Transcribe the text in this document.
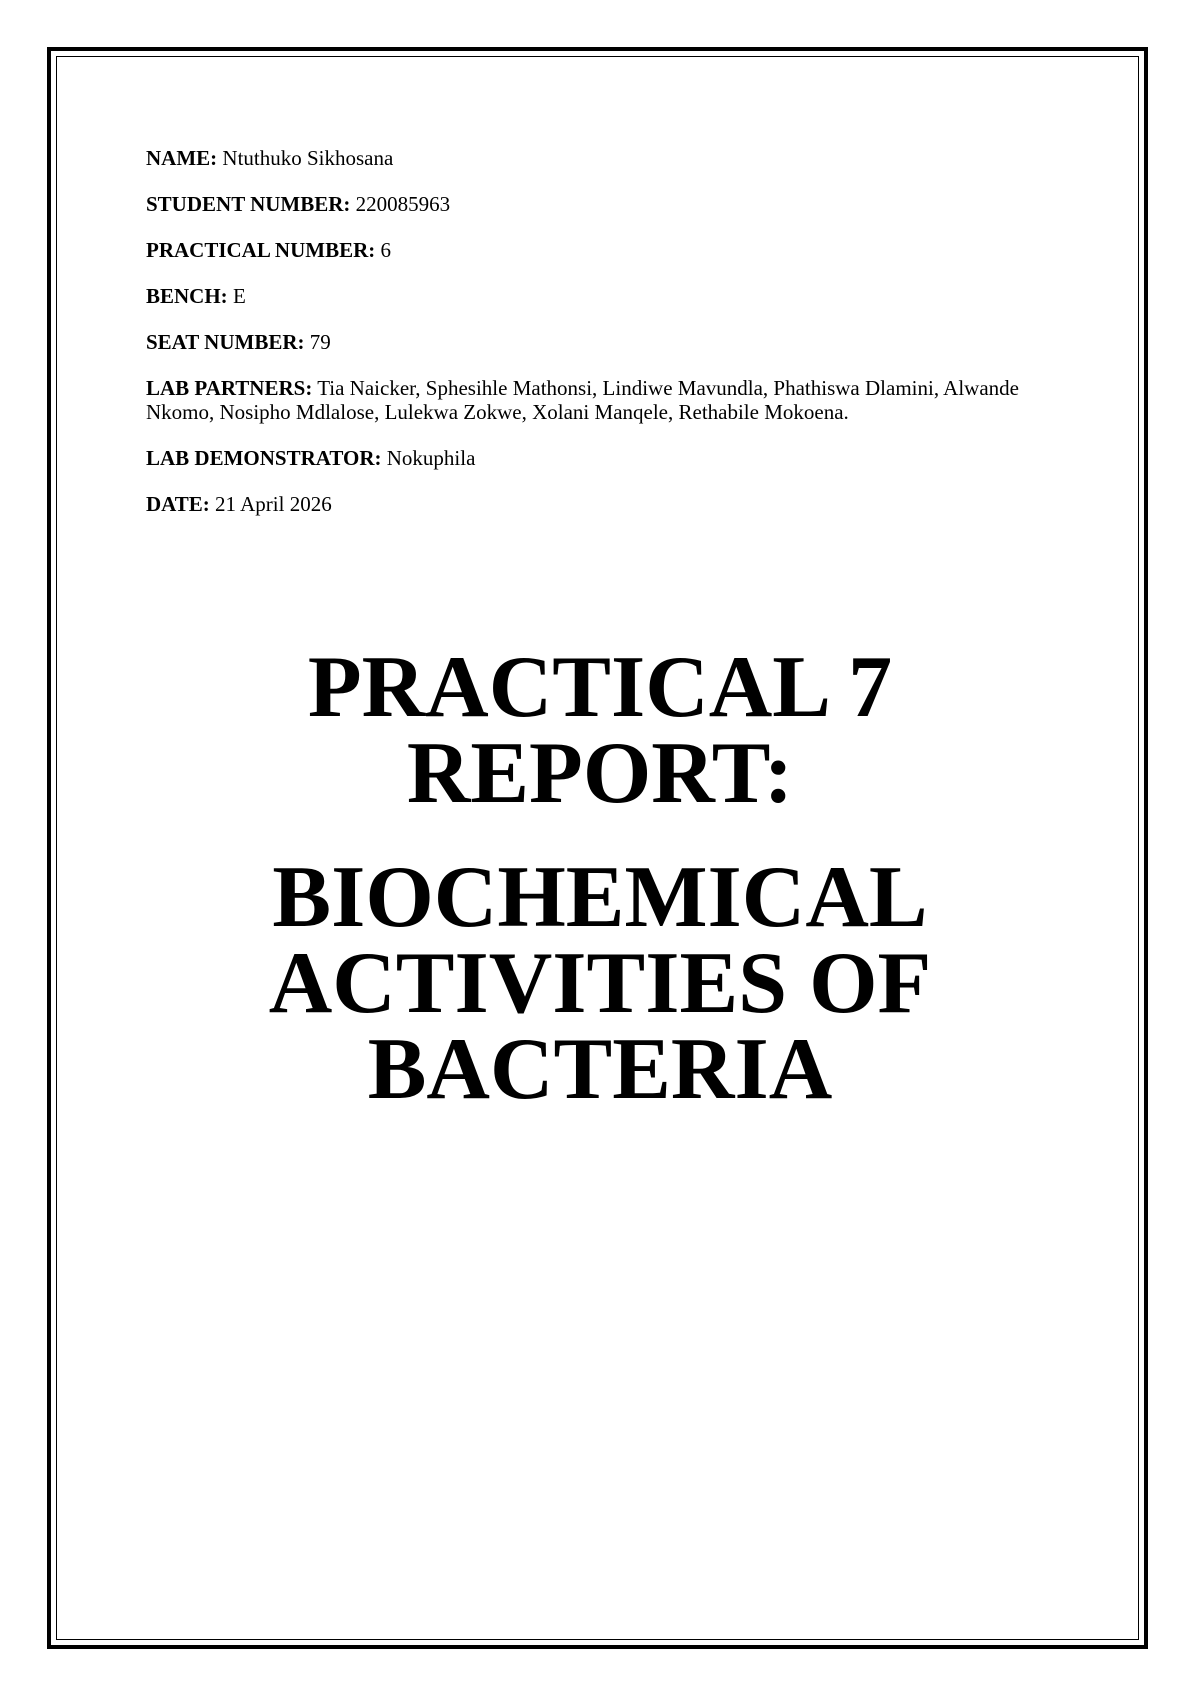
NAME: Ntuthuko Sikhosana
STUDENT NUMBER: 220085963
PRACTICAL NUMBER: 6
BENCH: E
SEAT NUMBER: 79
LAB PARTNERS: Tia Naicker, Sphesihle Mathonsi, Lindiwe Mavundla, Phathiswa Dlamini, Alwande Nkomo, Nosipho Mdlalose, Lulekwa Zokwe, Xolani Manqele, Rethabile Mokoena.
LAB DEMONSTRATOR: Nokuphila
DATE: 21 April 2026
PRACTICAL 7 REPORT:
BIOCHEMICAL ACTIVITIES OF BACTERIA
